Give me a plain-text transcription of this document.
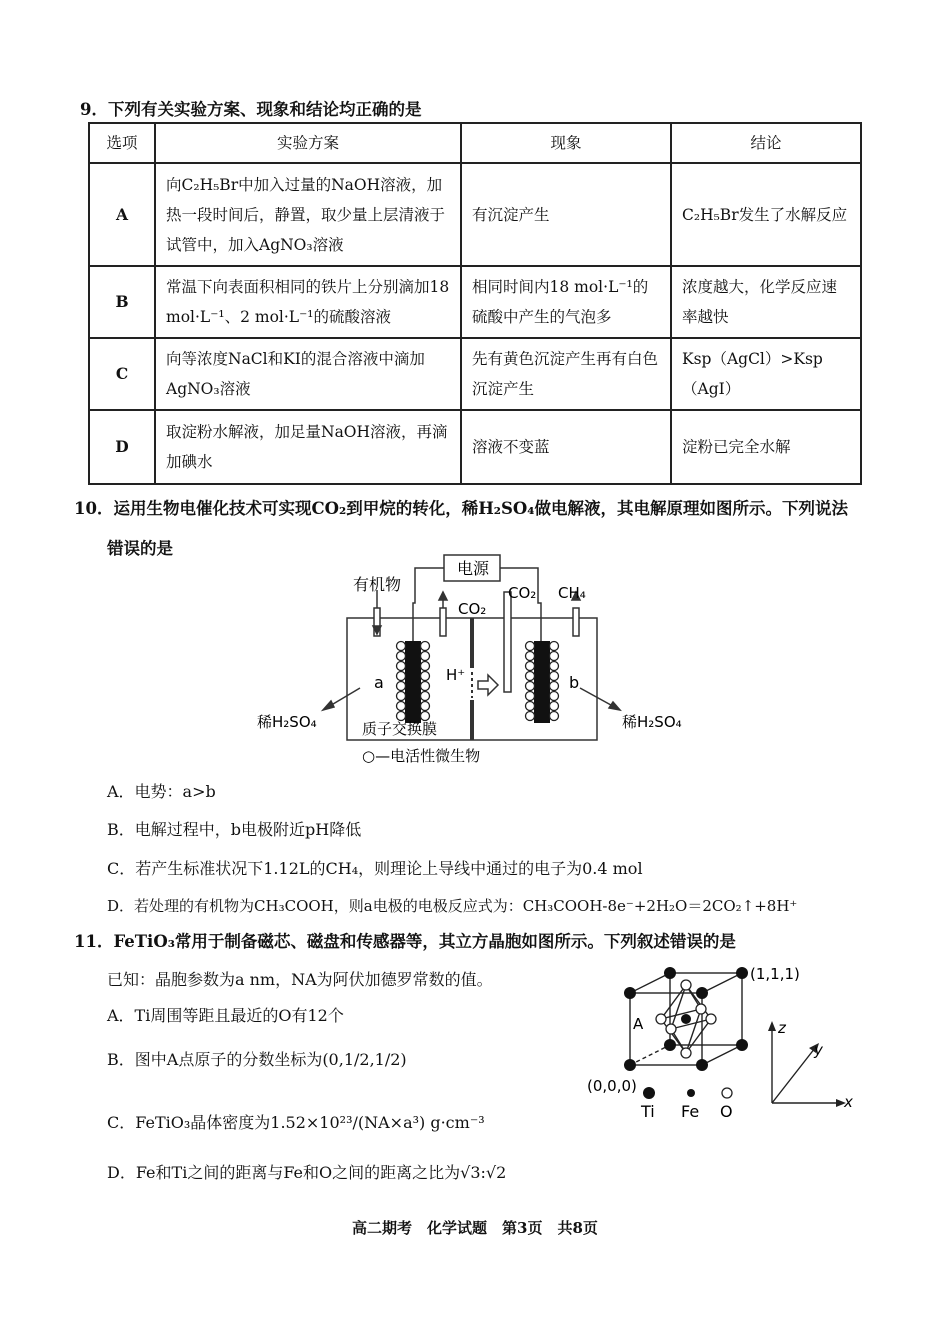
9．下列有关实验方案、现象和结论均正确的是
选项	实验方案	现象	结论
A	向C₂H₅Br中加入过量的NaOH溶液，加热一段时间后，静置，取少量上层清液于试管中，加入AgNO₃溶液	有沉淀产生	C₂H₅Br发生了水解反应
B	常温下向表面积相同的铁片上分别滴加18 mol·L⁻¹、2 mol·L⁻¹的硫酸溶液	相同时间内18 mol·L⁻¹的硫酸中产生的气泡多	浓度越大，化学反应速率越快
C	向等浓度NaCl和KI的混合溶液中滴加AgNO₃溶液	先有黄色沉淀产生再有白色沉淀产生	Ksp（AgCl）>Ksp（AgI）
D	取淀粉水解液，加足量NaOH溶液，再滴加碘水	溶液不变蓝	淀粉已完全水解
10．运用生物电催化技术可实现CO₂到甲烷的转化，稀H₂SO₄做电解液，其电解原理如图所示。下列说法
错误的是
电源
有机物
CO₂
CO₂ CH₄
a	b
H⁺
稀H₂SO₄	稀H₂SO₄
质子交换膜
○—电活性微生物
A．电势：a>b
B．电解过程中，b电极附近pH降低
C．若产生标准状况下1.12L的CH₄，则理论上导线中通过的电子为0.4 mol
D．若处理的有机物为CH₃COOH，则a电极的电极反应式为：CH₃COOH-8e⁻+2H₂O＝2CO₂↑+8H⁺
11．FeTiO₃常用于制备磁芯、磁盘和传感器等，其立方晶胞如图所示。下列叙述错误的是
已知：晶胞参数为a nm，NA为阿伏加德罗常数的值。
A．Ti周围等距且最近的O有12个
B．图中A点原子的分数坐标为(0,1/2,1/2)
C．FeTiO₃晶体密度为1.52×10²³/(NA×a³) g·cm⁻³
D．Fe和Ti之间的距离与Fe和O之间的距离之比为√3:√2
(1,1,1)
(0,0,0)
A
x
y
z
Ti Fe O
高二期考　化学试题　第3页　共8页
